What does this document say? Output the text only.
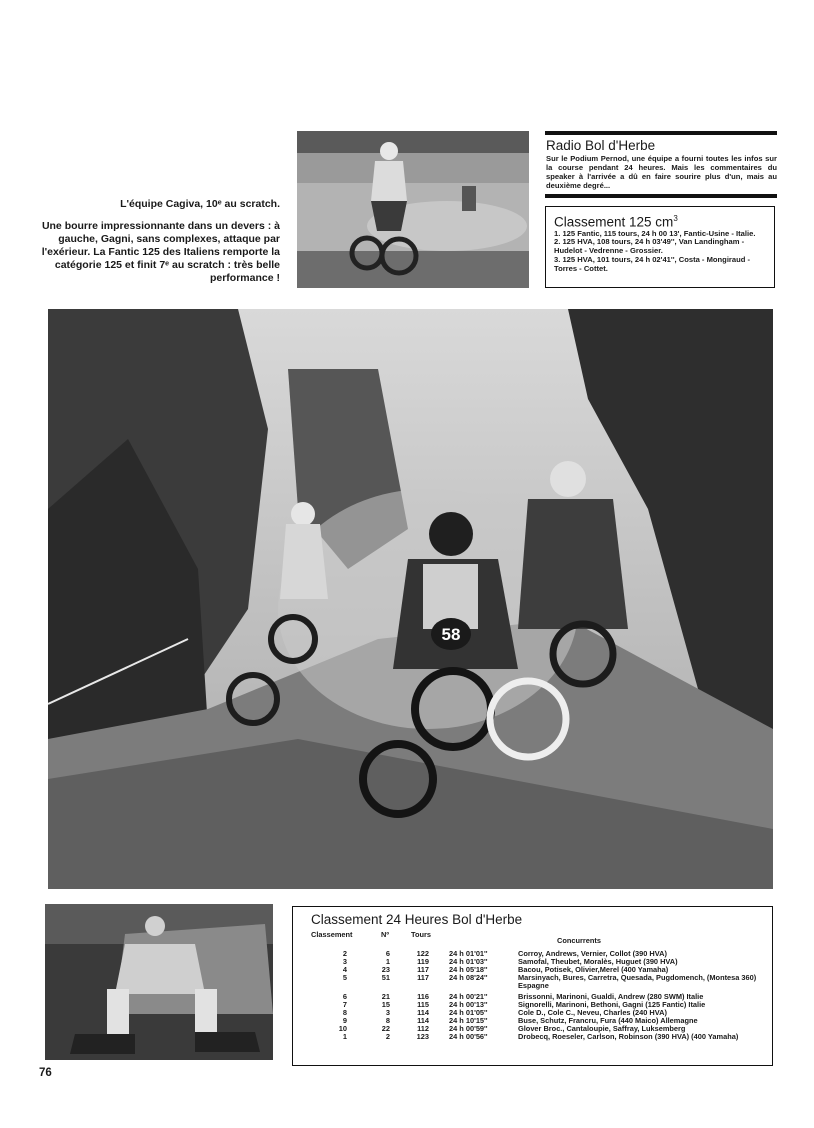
L'équipe Cagiva, 10ᵉ au scratch.
Une bourre impressionnante dans un devers : à gauche, Gagni, sans complexes, attaque par l'exérieur. La Fantic 125 des Italiens remporte la catégorie 125 et finit 7ᵉ au scratch : très belle performance !
Radio Bol d'Herbe
Sur le Podium Pernod, une équipe a fourni toutes les infos sur la course pendant 24 heures. Mais les commentaires du speaker à l'arrivée a dû en faire sourire plus d'un, mais au deuxième degré...
Classement 125 $cm^3$
1. 125 Fantic, 115 tours, 24 h 00 13', Fantic-Usine - Italie.
2. 125 HVA, 108 tours, 24 h 03'49'', Van Landingham - Hudelot - Vedrenne - Grossier.
3. 125 HVA, 101 tours, 24 h 02'41'', Costa - Mongiraud - Torres - Cottet.
58
Classement 24 Heures Bol d'Herbe
Classement	Nº	Tours
Concurrents
2	6	122	24 h 01'01''	Corroy, Andrews, Vernier, Collot (390 HVA)
3	1	119	24 h 01'03''	Samofal, Theubet, Moralès, Huguet (390 HVA)
4	23	117	24 h 05'18''	Bacou, Potisek, Olivier,Merel (400 Yamaha)
5	51	117	24 h 08'24''	Marsinyach, Bures, Carretra, Quesada, Pugdomench, (Montesa 360) Espagne
6	21	116	24 h 00'21''	Brissonni, Marinoni, Gualdi, Andrew (280 SWM) Italie
7	15	115	24 h 00'13''	Signorelli, Marinoni, Bethoni, Gagni (125 Fantic) Italie
8	3	114	24 h 01'05''	Cole D., Cole C., Neveu, Charles (240 HVA)
9	8	114	24 h 10'15''	Buse, Schutz, Francru, Fura (440 Maico) Allemagne
10	22	112	24 h 00'59''	Glover Broc., Cantaloupie, Saffray, Luksemberg
1	2	123	24 h 00'56''	Drobecq, Roeseler, Carlson, Robinson (390 HVA) (400 Yamaha)
76
